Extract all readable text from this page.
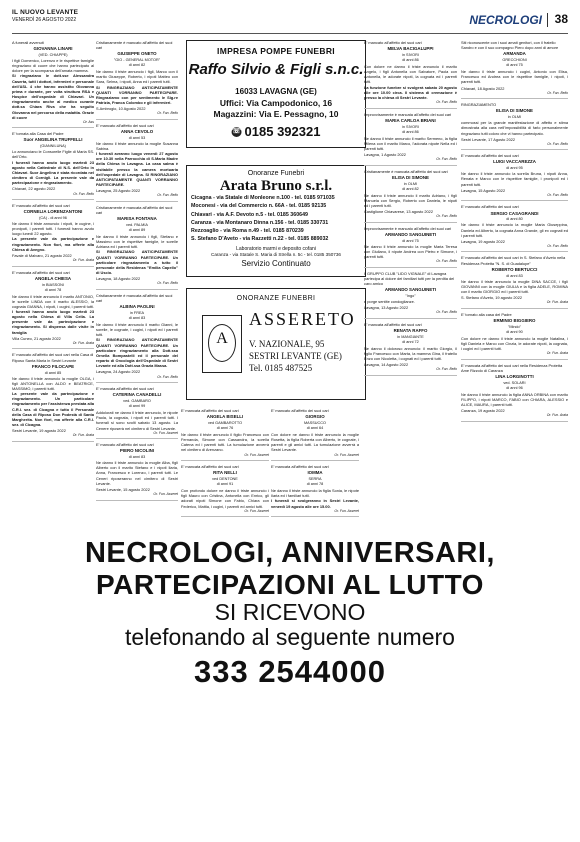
IL NUOVO LEVANTE
VENERDÌ 26 AGOSTO 2022	NECROLOGI 38
A funerali avvenuti
GIOVANNA LINARI
(VED. CHIAPPE)
I figli Domenico, Lorenzo e le rispettive famiglie ringraziano di cuore che hanno partecipato al dolore per la scomparsa dell'amata mamma.
Si ringraziano le dott.sse Alessandra Caserta, tutti i dottori, infermieri e personale dell'ASL 4 che hanno assistito Giovanna prima e durante, per volta struttura RSA e Hospice dell'ospedale di Chiavari. Un ringraziamento anche al medico curante dott.sa Chiara Riva che ha seguito Giovanna nel percorso della malattia. Grazie di cuore
Or. Ass
E' tornata alla Casa del Padre
Suor ANGELINA TRUFFELLI
(GIANNILUNA)
Lo annunciano le Consorelle Figlie di Maria SS. dell'Orto.
I funerali hanno avuto luogo martedì 23 agosto nella Cattedrale di N.S. dell'Orto in Chiavari. Suor Angelina è stata ricordata nel cimitero di Cornigli. La presente vale da partecipazione e ringraziamento.
Chiavari, 22 agosto 2022
Or. Fun. Bello
E' mancato all'affetto dei suoi cari
CORNELIA LORENZANTONI
(CA) - di anni 96
Ne danno il triste annuncio i nipoti, le cugine, i pronipoti, i parenti tutti. I funerali hanno avuto luogo lunedì 22 agosto.
La presente vale da partecipazione e ringraziamento. Non fiori, ma offerte alla Chiesa di Avegno.
Favale di Malvaro, 21 agosto 2022
Or. Fun. Arata
E' mancata all'affetto dei suoi cari
ANGELA CHIESA
in BIASSONI
di anni 78
Ne danno il triste annuncio il marito ANTONIO, le sorelle LINDA con il marito ALESSIO, la cognata GIANNA, i nipoti, i cugini, i parenti tutti.
I funerali hanno avuto luogo martedì 23 agosto nella Chiesa di Villa Cella. La presente vale da partecipazione e ringraziamento. Si dispensa dalle visite in famiglia
Villa Cuneo, 21 agosto 2022
Or. Fun. Arata
E' mancato all'affetto dei suoi cari nella Casa di Riposo Santa Maria in Sestri Levante
FRANCO FILOCAPE
di anni 85
Ne danno il triste annuncio la moglie OLGA, i figli ANTONELLA con ALDO e BEATRICE, MASSIMO, i parenti tutti.
La presente vale da partecipazione e ringraziamento. Un particolare ringraziamento per l'assistenza prestata alla C.R.I. sez. di Cicagna e tutto il Personale della Casa di Riposo Don Podestà di Santa Margherita. Non fiori, ma offerte alla C.R.I. sez. di Cicagna.
Sestri Levante, 19 agosto 2022
Or. Fun. Arata
Cristianamente è mancato all'affetto dei suoi cari
GIUSEPPE ONETO
"GIO - GENERAL MOTOR"
di anni 82
Ne danno il triste annuncio i figli, Marco con il marito Giuseppe, Roberto, i nipoti Matteo con Sara, Selma, i nipoti, Anna ed i parenti tutti.
SI RINGRAZIANO ANTICIPATAMENTE QUANTI VORRANNO PARTECIPARE. Ringraziamo con per sentimento le Sig.re Patrizia, Franca Colombo e gli infermieri.
S.Ambrogio, 10 Agosto 2022
Or. Fun. Bello
E' mancato all'affetto dei suoi cari
ANNA CEVOLO
di anni 53
Ne danno il triste annuncio la moglie Susanna Sabina.
I funerali avranno luogo venerdì 27 agosto ore 10.30 nella Parrocchia di S.Maria Madre della Chiesa in Lavagna. La casa salma è visitabile presso la camera mortuaria dell'ospedale di Lavagna. SI RINGRAZIANO ANTICIPATAMENTE QUANTI VORRANNO PARTECIPARE.
Lavagna, 25 Agosto 2022
Or. Fun. Bello
Cristianamente è mancata all'affetto dei suoi cari
MARISA FONTANA
ved. PALMIA
di anni 89
Ne danno il triste annuncio i figli, Stefano e Massimo con le rispettive famiglie, le sorelle Adriana ed i parenti tutti.
SI RINGRAZIANO ANTICIPATAMENTE QUANTI VORRANNO PARTECIPARE. Un particolare ringraziamento a tutto il personale della Residenza "Emilia Capello" di Uscio.
Lavagna, 18 Agosto 2022
Or. Fun. Bello
Cristianamente è mancata all'affetto dei suoi cari
ALBINA PAOLINI
in FREA
di anni 83
Ne danno il triste annuncio il marito Gianni, le sorelle, le cognate, i cugini, i nipoti ed i parenti tutti.
SI RINGRAZIANO ANTICIPATAMENTE QUANTI VORRANNO PARTECIPARE. Un particolare ringraziamento alla Dott.ssa Ornella Bompastelli ed il personale del reparto di Oncologia dell'Ospedale di Sestri Levante ed alla Dott.ssa Grazia Massa.
Lavagna, 24 Agosto 2022
Or. Fun. Bello
E' mancata all'affetto dei suoi cari
CATERINA CANADELLI
ved. GAMBARO
di anni 99
Addolorati ne danno il triste annuncio, le nipote Paola, la cognata, i nipoti ed i parenti tutti. I funerali si sono svolti sabato 13 agosto. La Cenere riposerà nel cimitero di Sestri Levante.
Or. Fun. Asseret
E' mancato all'affetto dei suoi cari
PIERO NICOLINI
di anni 83
Ne danno il triste annuncio la moglie Alba, figli Alberto con il marito Stefano e i nipoti Ilaria, Anna, Francesco e Lorenzo, i parenti tutti. Le Ceneri riposeranno nel cimitero di Sestri Levante.
Sestri Levante, 15 agosto 2022
Or. Fun. Asseret
IMPRESA POMPE FUNEBRI
Raffo Silvio & Figli s.n.c.
16033 LAVAGNA (GE)
Uffici: Via Campodonico, 16
Magazzini: Via E. Pessagno, 10
☏ 0185 392321
Onoranze Funebri
Arata Bruno s.r.l.
Cicagna - via Statale di Monleone n.100 - tel. 0185 971035
Moconesi - via del Commercio n. 66A - tel. 0185 92135
Chiavari - via A.F. Devoto n.5 - tel. 0185 360649
Caranza - via Montanaro Dinna n.156 - tel. 0185 330731
Rezzoaglio - via Roma n.49 - tel. 0185 870239
S. Stefano D'Aveto - via Razzetti n.22 - tel. 0185 889032
Laboratorio marmi e deposito cofani
Caranza - via Statale S. Maria di Strella n. 5c - tel. 0185 350736
Servizio Continuato
ONORANZE FUNEBRI
A
ASSERETO
V. NAZIONALE, 95
SESTRI LEVANTE (GE)
Tel. 0185 487525
E' mancata all'affetto dei suoi cari
ANGELA BISELLI
ved GAMBAROTTO
di anni 76
Ne danno il triste annuncio il figlio Francesco con Fernanda, Simone con Cassandra, la sorella Catena ed i parenti tutti. La tumulazione avverrà nel cimitero di Arenzano.
Or. Fun. Asseret
E' mancata all'affetto dei suoi cari
RITA NELLI
ved DENTONE
di anni 91
Con profondo dolore ne danno il triste annuncio i figli Mauro con Cristina, Antonella con Enrico, gli adorati nipoti Simone con Fabio, Chiara con Federico, Mattia, i cugini, i parenti ed amici tutti.
Or. Fun. Asseret
E' mancato all'affetto dei suoi cari
GIORGIO
MASSUCCO
di anni 64
Con dolore ne danno il triste annuncio la moglie Rosetta, la figlia Roberta con Alberto, le cognate, i parenti e gli amici tutti. La tumulazione avverrà a Sestri Levante.
Or. Fun. Asseret
E' mancata all'affetto dei suoi cari
IOMMA
SERRA
di anni 78
Ne danno il triste annuncio la figlia Sonia, le nipote Ilaria ed i familiari tutti.
I funerali si svolgeranno in Sestri Levante, venerdì 19 agosto alle ore 15.00.
Or. Fun. Asseret
E' mancato all'affetto dei suoi cari
MELVA BACIGALUPPI
in SIVORI
di anni 86
Con dolore ne danno il triste annuncio il marito Angelo, i figli Antonella con Salvatore, Paola con Antonella, le adorate nipoti, la cognata ed i parenti tutti.
La funzione funebre si svolgerà sabato 20 agosto alle ore 10.00 circa. Il sistema di cremazione è presso la chiesa di Sestri Levante.
Or. Fun. Bello
Improvvisamente è mancata all'affetto dei suoi cari
MARIA CARLOA BRIANI
in SIVORI
di anni 86
Ne danno il triste annuncio il marito Sermeno, la figlia Milena con il marito Marco, l'adorata nipote Nella ed i parenti tutti.
Lavagna, 1 Agosto 2022
Or. Fun. Bello
Cristianamente è mancata all'affetto dei suoi cari
ELISA DI SIMONE
in OLMI
di anni 82
Ne danno il triste annuncio il marito Adriano, i figli Manuela con Sergio, Roberto con Daniela, le nipoti ed i parenti tutti.
Castiglione Chiavarese, 13 agosto 2022
Or. Fun. Bello
Improvvisamente è mancato all'affetto dei suoi cari
ARMANDO SANGUINETI
di anni 75
Ne danno il triste annuncio la moglie Maria Teresa con Giuliano, il nipote Andrea con Pietro e Simone, i parenti tutti.
Or. Fun. Bello
Il GRUPPO CLUB "LIDO VIGNALE" di Lavagna partecipa al dolore dei familiari tutti per la perdita del caro amico
ARMANDO SANGUINETI
"Ingo"
e porge sentite condoglianze.
Lavagna, 13 Agosto 2022
Or. Fun. Bello
E' mancata all'affetto dei suoi cari
RENATA RAFFO
in MANGIANTE
di anni 72
Ne danno il doloroso annuncio: il marito Giorgio, il figlio Francesco con Marta, la mamma Gina, il fratello Enzo con Nicoletta, i cognati ed i parenti tutti.
Lavagna, 14 Agosto 2022
Or. Fun. Bello
Siti riconoscente con i suoi amati genitori, con il fratello Sandro e con il suo compagno Piero dopo anni di amore
ARMANDA
GRECCHIONI
di anni 75
Ne danno il triste annuncio i cugini, Antonio con Elisa, Francesco ed Andrea con le rispettive famiglie, i nipoti, i parenti tutti.
Chiavari, 18 Agosto 2022
Or. Fun. Bello
RINGRAZIAMENTO
ELISA DI SIMONE
in OLMI
commossi per la grande manifestazione di affetto e stima dimostrata alla cara nell'impossibilità di farlo personalmente ringraziano tutti coloro che vi hanno partecipato.
Sestri Levante, 17 Agosto 2022
Or. Fun. Bello
E' mancato all'affetto dei suoi cari
LUIGI VACCAREZZA
di anni 95
Ne danno il triste annuncio la sorella Bruna, i nipoti Anna, Renata e Marco con le rispettive famiglie, i pronipoti ed i parenti tutti.
Lavagna, 15 Agosto 2022
Or. Fun. Bello
E' mancato all'affetto dei suoi cari
SERGIO CASAGRANDI
di anni 80
Ne danno il triste annuncio la moglie Maria Giuseppina, Daniela ed Alberto, la cognata Anna Grande, gli ex cognati ed i parenti tutti.
Lavagna, 19 agosto 2022
Or. Fun. Bello
E' mancato all'affetto dei suoi cari in S. Stefano d'Aveto nella Residenza Protetta "N. S. di Guadalupe"
ROBERTO BERTUCCI
di anni 83
Ne danno il triste annuncio la moglie DINA SACCE, i figli GIOVANNI con la moglie GIULIA e la figlia ADELE, ROMINA con il marito GIORGIO ed i parenti tutti.
S. Stefano d'Aveto, 19 agosto 2022
Or. Fun. Arata
E' tornato alla casa del Padre
ERMINIO BIGGIERO
"Mindo"
di anni 90
Con dolore ne danno il triste annuncio la moglie Natalina, i figli Daniela e Marco con Cinzia, le adorate nipoti, la cognata, i cugini ed i parenti tutti.
Or. Fun. Arata
E' mancata all'affetto dei suoi cari nella Residenza Protetta Ame Rizzolo di Caranza
LINA LORGINOTTI
ved. SOLARI
di anni 96
Ne danno il triste annuncio la figlia ANNA ORBINA con marito FILIPPO, i nipoti MARCO, FABIO con CHIARA, ALESSIO e ALICE, MAURA, i parenti tutti.
Caranza, 19 agosto 2022
Or. Fun. Arata
NECROLOGI, ANNIVERSARI,
PARTECIPAZIONI AL LUTTO
SI RICEVONO
telefonando al seguente numero
333 2544000
